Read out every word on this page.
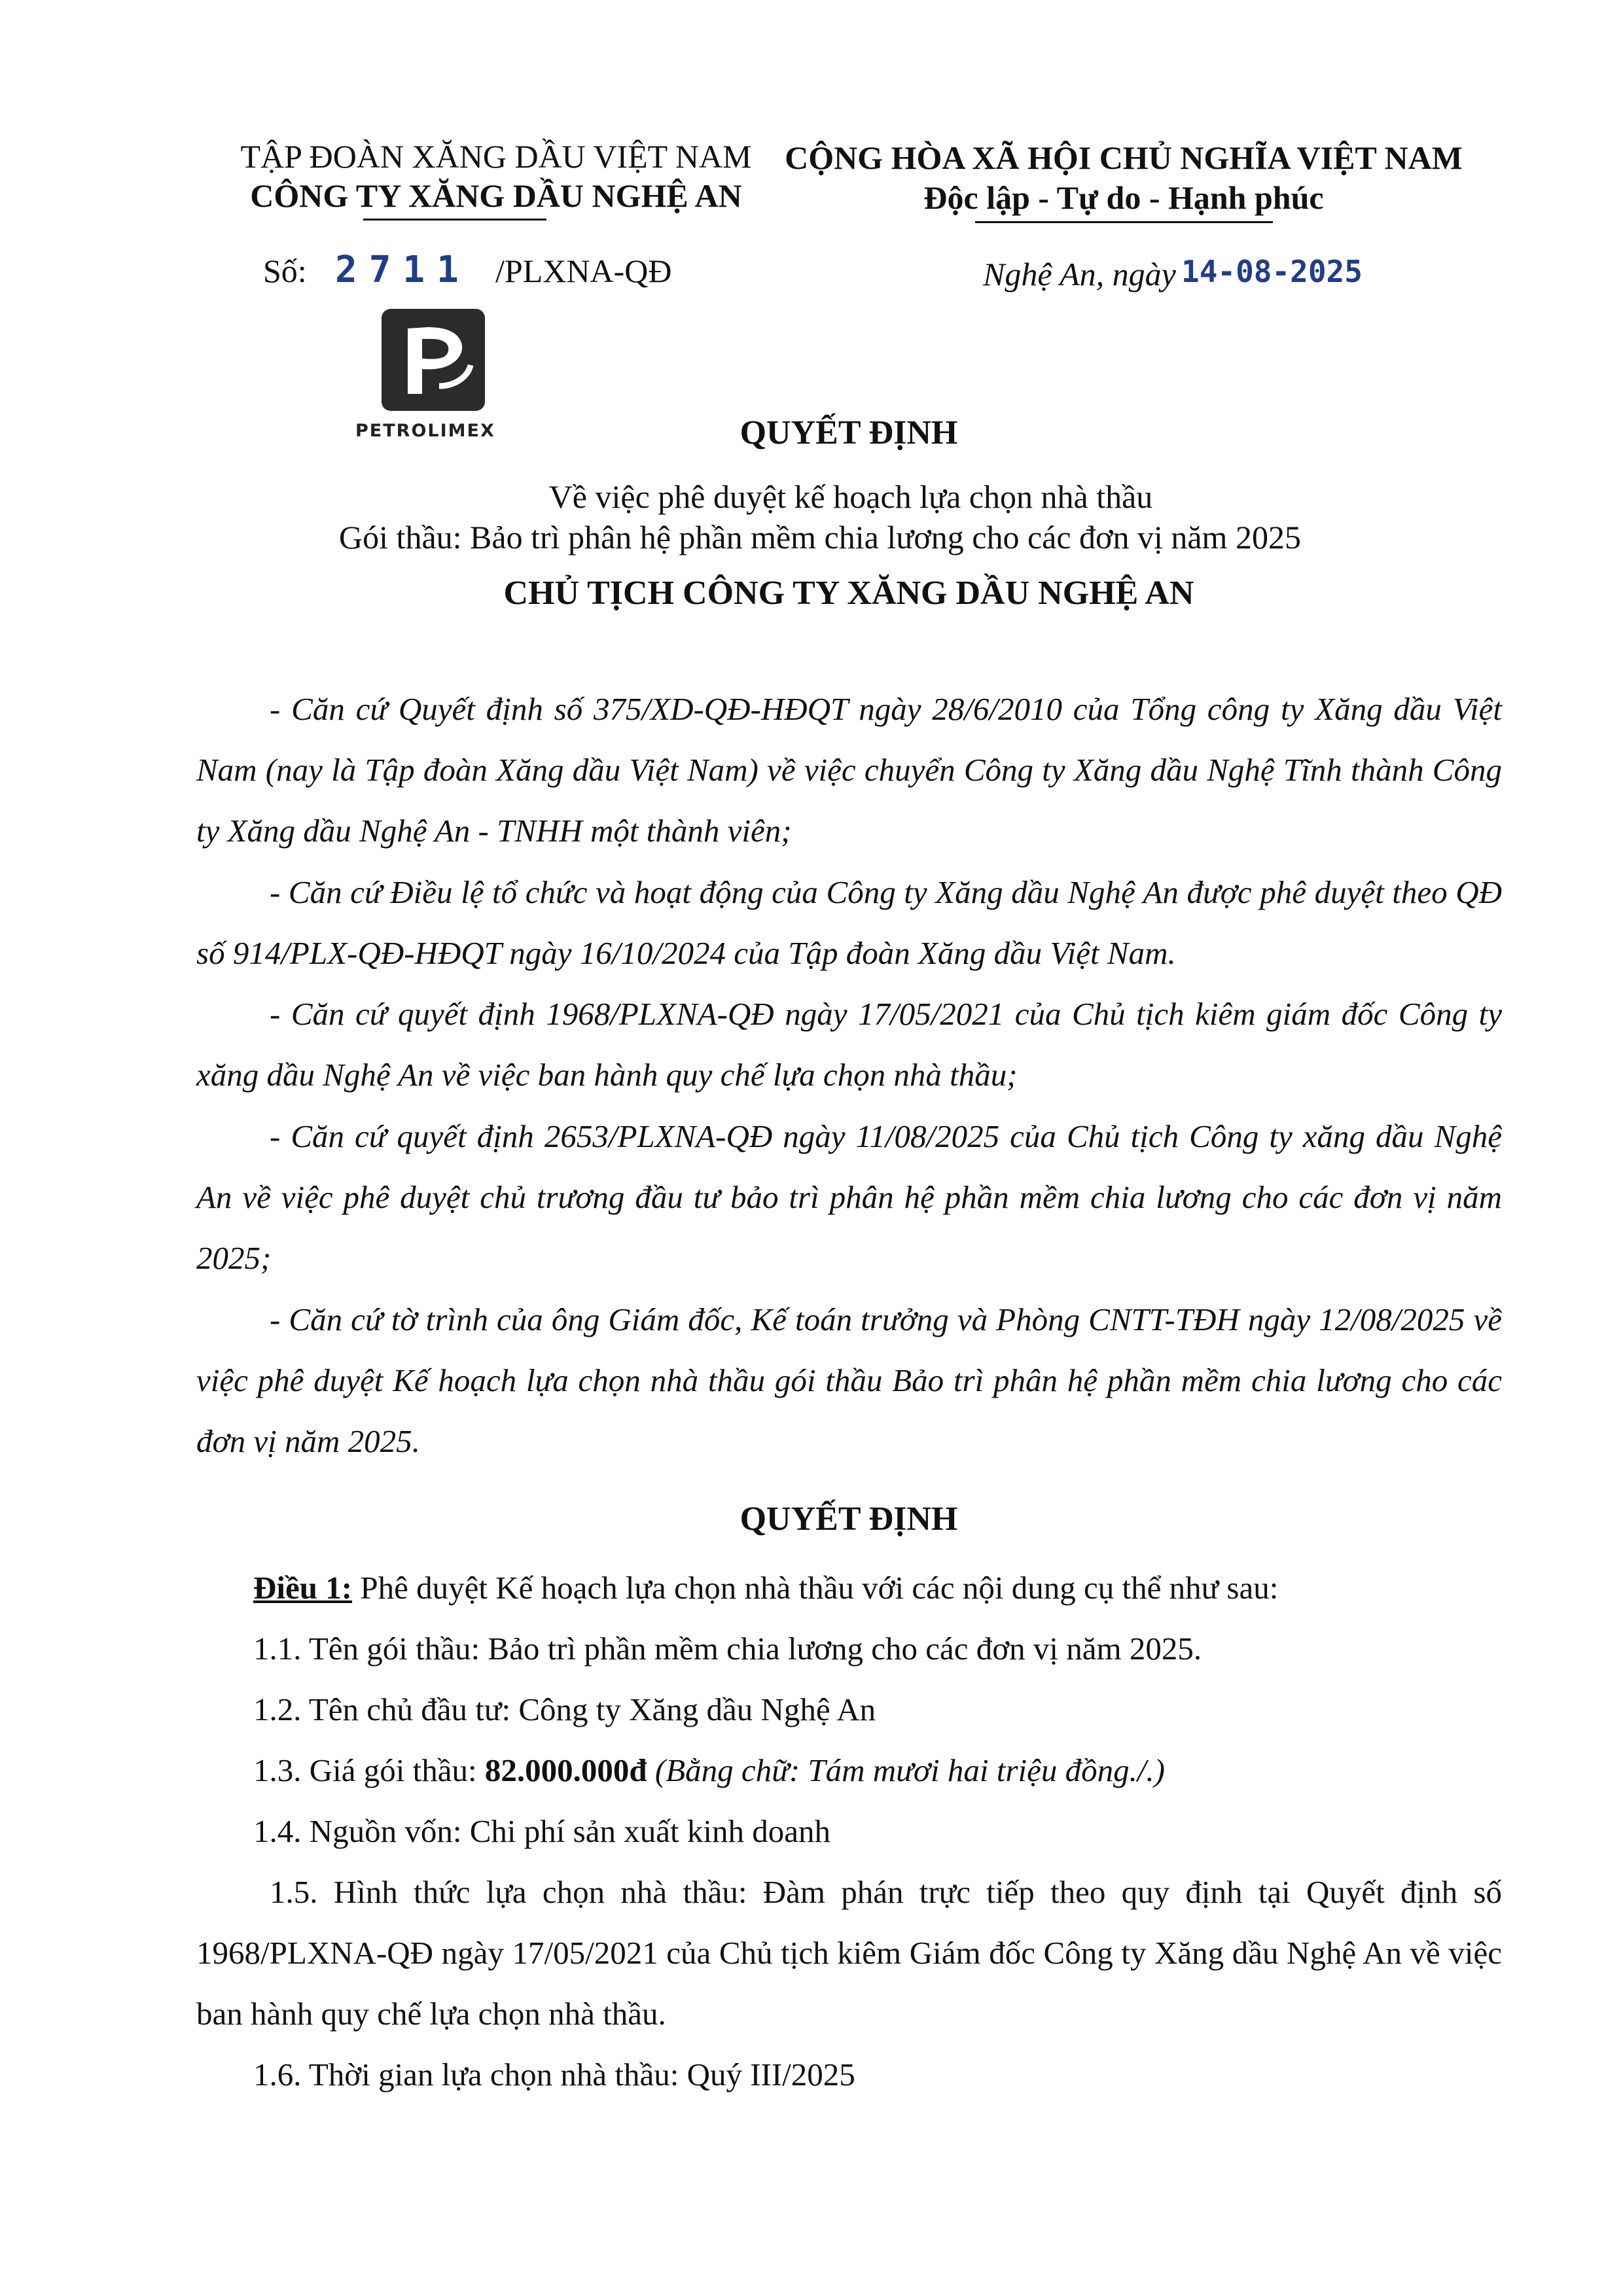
TẬP ĐOÀN XĂNG DẦU VIỆT NAM
CÔNG TY XĂNG DẦU NGHỆ AN
CỘNG HÒA XÃ HỘI CHỦ NGHĨA VIỆT NAM
Độc lập - Tự do - Hạnh phúc
Số: 2711 /PLXNA-QĐ	Nghệ An, ngày 14-08-2025
PETROLIMEX	QUYẾT ĐỊNH
Về việc phê duyệt kế hoạch lựa chọn nhà thầu
Gói thầu: Bảo trì phân hệ phần mềm chia lương cho các đơn vị năm 2025
CHỦ TỊCH CÔNG TY XĂNG DẦU NGHỆ AN
- Căn cứ Quyết định số 375/XD-QĐ-HĐQT ngày 28/6/2010 của Tổng công ty Xăng dầu Việt Nam (nay là Tập đoàn Xăng dầu Việt Nam) về việc chuyển Công ty Xăng dầu Nghệ Tĩnh thành Công ty Xăng dầu Nghệ An - TNHH một thành viên;
- Căn cứ Điều lệ tổ chức và hoạt động của Công ty Xăng dầu Nghệ An được phê duyệt theo QĐ số 914/PLX-QĐ-HĐQT ngày 16/10/2024 của Tập đoàn Xăng dầu Việt Nam.
- Căn cứ quyết định 1968/PLXNA-QĐ ngày 17/05/2021 của Chủ tịch kiêm giám đốc Công ty xăng dầu Nghệ An về việc ban hành quy chế lựa chọn nhà thầu;
- Căn cứ quyết định 2653/PLXNA-QĐ ngày 11/08/2025 của Chủ tịch Công ty xăng dầu Nghệ An về việc phê duyệt chủ trương đầu tư bảo trì phân hệ phần mềm chia lương cho các đơn vị năm 2025;
- Căn cứ tờ trình của ông Giám đốc, Kế toán trưởng và Phòng CNTT-TĐH ngày 12/08/2025 về việc phê duyệt Kế hoạch lựa chọn nhà thầu gói thầu Bảo trì phân hệ phần mềm chia lương cho các đơn vị năm 2025.
QUYẾT ĐỊNH
Điều 1: Phê duyệt Kế hoạch lựa chọn nhà thầu với các nội dung cụ thể như sau:
1.1. Tên gói thầu: Bảo trì phần mềm chia lương cho các đơn vị năm 2025.
1.2. Tên chủ đầu tư: Công ty Xăng dầu Nghệ An
1.3. Giá gói thầu: 82.000.000đ (Bằng chữ: Tám mươi hai triệu đồng./.)
1.4. Nguồn vốn: Chi phí sản xuất kinh doanh
1.5. Hình thức lựa chọn nhà thầu: Đàm phán trực tiếp theo quy định tại Quyết định số 1968/PLXNA-QĐ ngày 17/05/2021 của Chủ tịch kiêm Giám đốc Công ty Xăng dầu Nghệ An về việc ban hành quy chế lựa chọn nhà thầu.
1.6. Thời gian lựa chọn nhà thầu: Quý III/2025
